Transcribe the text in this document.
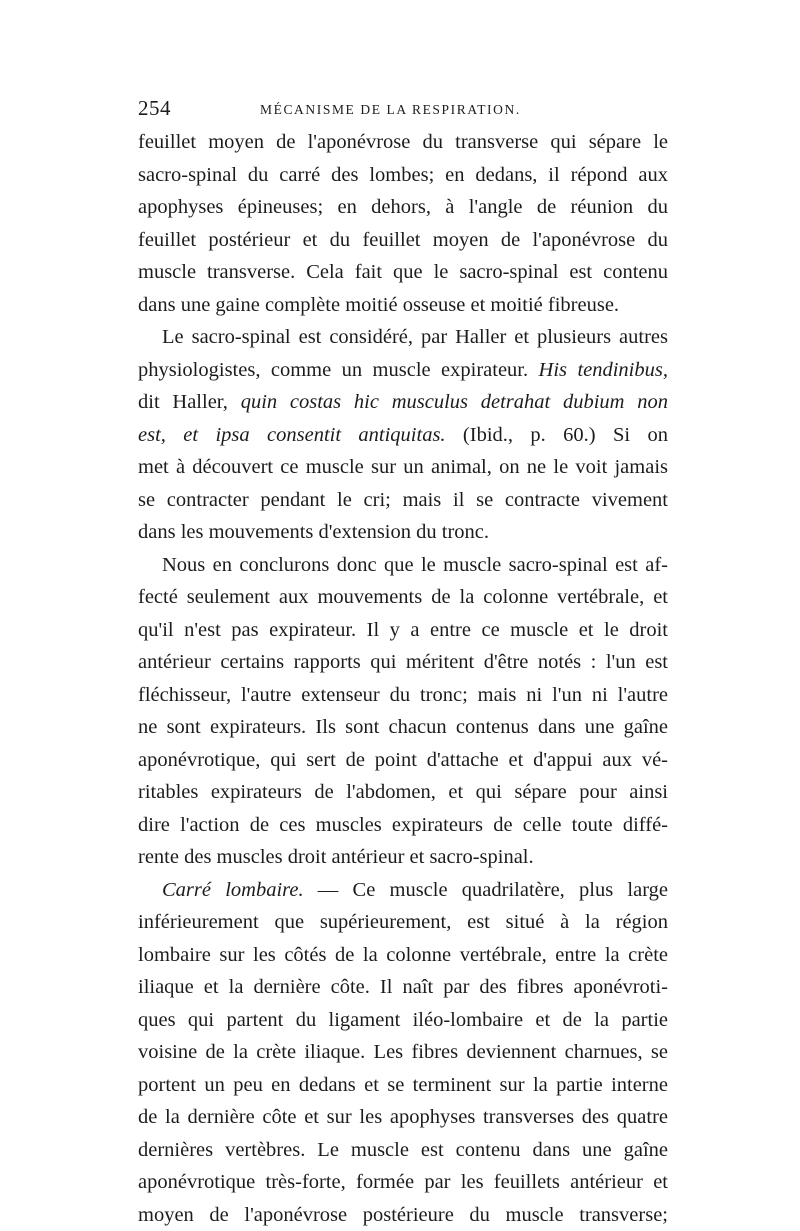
254	MÉCANISME DE LA RESPIRATION.
feuillet moyen de l'aponévrose du transverse qui sépare le
sacro-spinal du carré des lombes; en dedans, il répond aux
apophyses épineuses; en dehors, à l'angle de réunion du
feuillet postérieur et du feuillet moyen de l'aponévrose du
muscle transverse. Cela fait que le sacro-spinal est contenu
dans une gaine complète moitié osseuse et moitié fibreuse.
Le sacro-spinal est considéré, par Haller et plusieurs autres
physiologistes, comme un muscle expirateur. His tendinibus,
dit Haller, quin costas hic musculus detrahat dubium non
est, et ipsa consentit antiquitas. (Ibid., p. 60.) Si on
met à découvert ce muscle sur un animal, on ne le voit jamais
se contracter pendant le cri; mais il se contracte vivement
dans les mouvements d'extension du tronc.
Nous en conclurons donc que le muscle sacro-spinal est af-
fecté seulement aux mouvements de la colonne vertébrale, et
qu'il n'est pas expirateur. Il y a entre ce muscle et le droit
antérieur certains rapports qui méritent d'être notés : l'un est
fléchisseur, l'autre extenseur du tronc; mais ni l'un ni l'autre
ne sont expirateurs. Ils sont chacun contenus dans une gaîne
aponévrotique, qui sert de point d'attache et d'appui aux vé-
ritables expirateurs de l'abdomen, et qui sépare pour ainsi
dire l'action de ces muscles expirateurs de celle toute diffé-
rente des muscles droit antérieur et sacro-spinal.
Carré lombaire. — Ce muscle quadrilatère, plus large
inférieurement que supérieurement, est situé à la région
lombaire sur les côtés de la colonne vertébrale, entre la crète
iliaque et la dernière côte. Il naît par des fibres aponévroti-
ques qui partent du ligament iléo-lombaire et de la partie
voisine de la crète iliaque. Les fibres deviennent charnues, se
portent un peu en dedans et se terminent sur la partie interne
de la dernière côte et sur les apophyses transverses des quatre
dernières vertèbres. Le muscle est contenu dans une gaîne
aponévrotique très-forte, formée par les feuillets antérieur et
moyen de l'aponévrose postérieure du muscle transverse;
